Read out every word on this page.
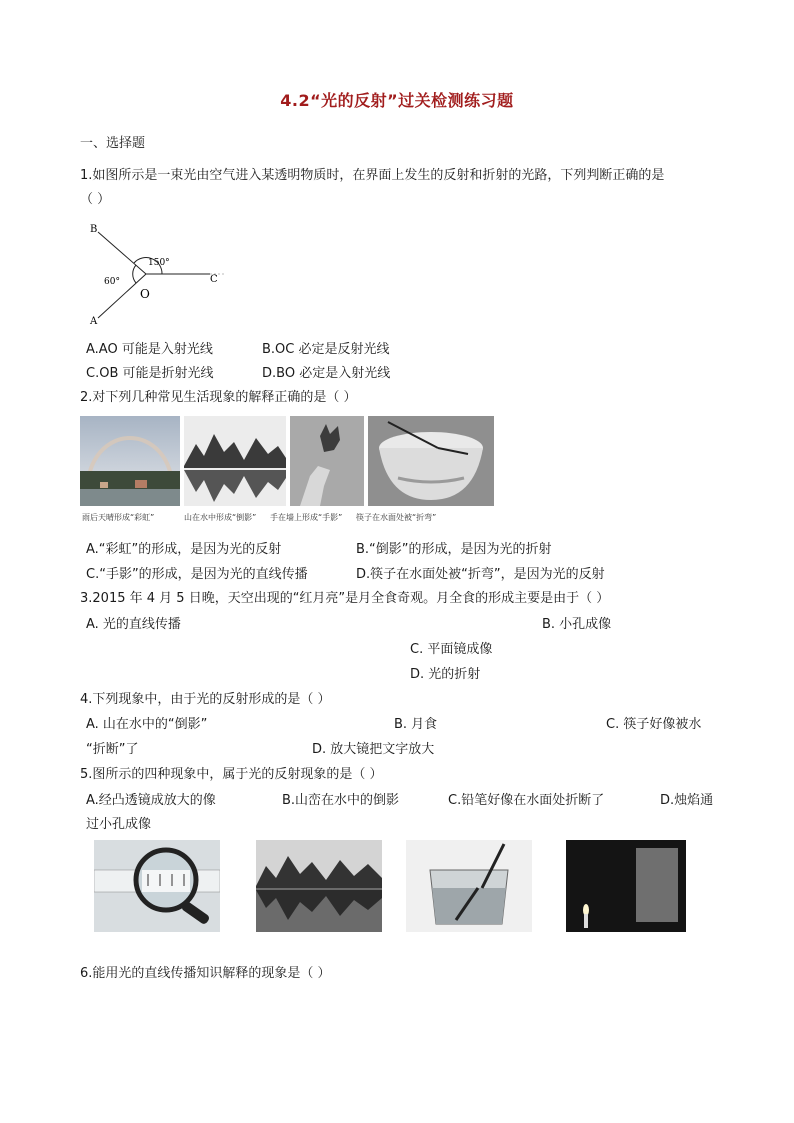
4.2“光的反射”过关检测练习题
一、选择题
1.如图所示是一束光由空气进入某透明物质时，在界面上发生的反射和折射的光路，下列判断正确的是
（ ）
B
A
C
O
150°
60°
A.AO 可能是入射光线	B.OC 必定是反射光线
C.OB 可能是折射光线	D.BO 必定是入射光线
2.对下列几种常见生活现象的解释正确的是（ ）
雨后天晴形成“彩虹”	山在水中形成“倒影” 手在墙上形成“手影” 筷子在水面处被“折弯”
A.“彩虹”的形成，是因为光的反射	B.“倒影”的形成，是因为光的折射
C.“手影”的形成，是因为光的直线传播	D.筷子在水面处被“折弯”，是因为光的反射
3.2015 年 4 月 5 日晚，天空出现的“红月亮”是月全食奇观。月全食的形成主要是由于（ ）
A. 光的直线传播	B. 小孔成像
C. 平面镜成像
D. 光的折射
4.下列现象中，由于光的反射形成的是（ ）
A. 山在水中的“倒影”	B. 月食	C. 筷子好像被水
“折断”了	D. 放大镜把文字放大
5.图所示的四种现象中，属于光的反射现象的是（ ）
A.经凸透镜成放大的像	B.山峦在水中的倒影	C.铅笔好像在水面处折断了	D.烛焰通
过小孔成像
6.能用光的直线传播知识解释的现象是（ ）
